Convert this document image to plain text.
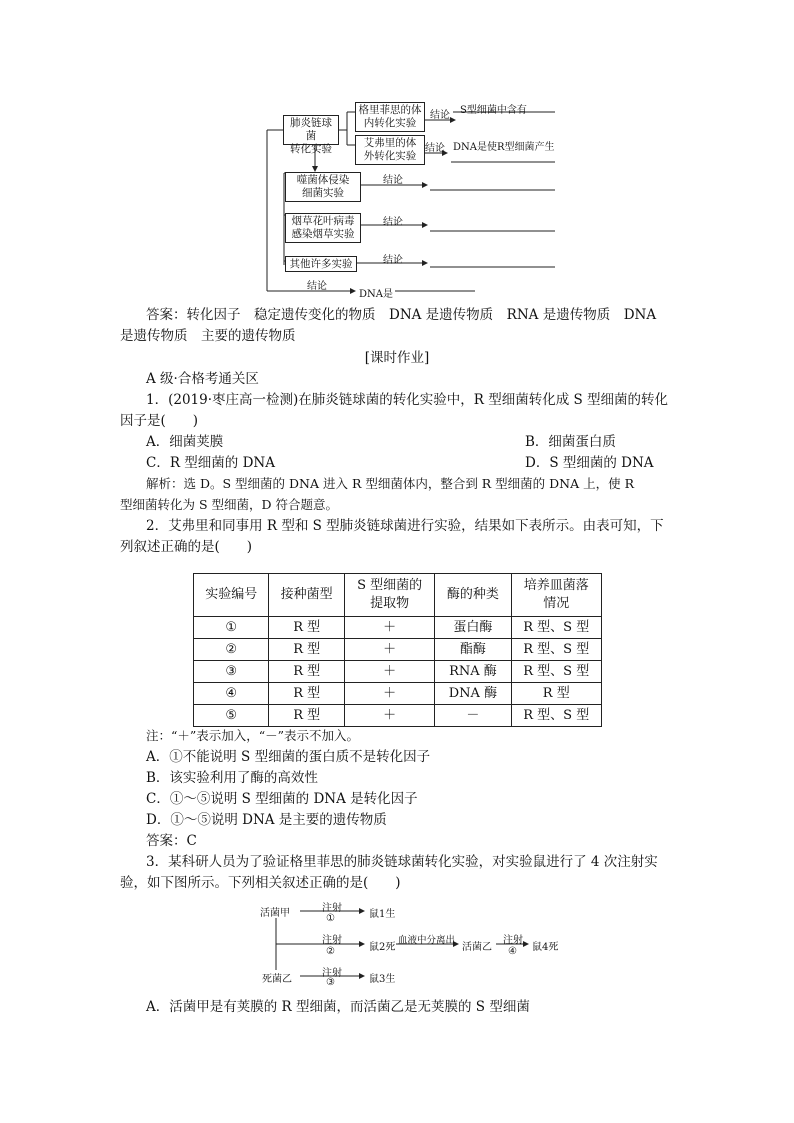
肺炎链球菌
转化实验
格里菲思的体
内转化实验
艾弗里的体
外转化实验
噬菌体侵染
细菌实验
烟草花叶病毒
感染烟草实验
其他许多实验
结论 S型细菌中含有
结论 DNA是使R型细菌产生
结论
结论
结论
结论
DNA是
答案：转化因子　稳定遗传变化的物质　DNA 是遗传物质　RNA 是遗传物质　DNA
是遗传物质　主要的遗传物质
[课时作业]
A 级·合格考通关区
1．(2019·枣庄高一检测)在肺炎链球菌的转化实验中，R 型细菌转化成 S 型细菌的转化
因子是(　　)
A．细菌荚膜	B．细菌蛋白质
C．R 型细菌的 DNA	D．S 型细菌的 DNA
解析：选 D。S 型细菌的 DNA 进入 R 型细菌体内，整合到 R 型细菌的 DNA 上，使 R
型细菌转化为 S 型细菌，D 符合题意。
2．艾弗里和同事用 R 型和 S 型肺炎链球菌进行实验，结果如下表所示。由表可知，下
列叙述正确的是(　　)
实验编号	接种菌型	S 型细菌的提取物	酶的种类	培养皿菌落情况
①	R 型	＋	蛋白酶	R 型、S 型
②	R 型	＋	酯酶	R 型、S 型
③	R 型	＋	RNA 酶	R 型、S 型
④	R 型	＋	DNA 酶	R 型
⑤	R 型	＋	－	R 型、S 型
注：“＋”表示加入，“－”表示不加入。
A．①不能说明 S 型细菌的蛋白质不是转化因子
B．该实验利用了酶的高效性
C．①～⑤说明 S 型细菌的 DNA 是转化因子
D．①～⑤说明 DNA 是主要的遗传物质
答案：C
3．某科研人员为了验证格里菲思的肺炎链球菌转化实验，对实验鼠进行了 4 次注射实
验，如下图所示。下列相关叙述正确的是(　　)
活菌甲	注射
①	鼠1生
注射
②	鼠2死
血液中分离出
活菌乙
注射
④ 鼠4死
死菌乙
注射
③	鼠3生
A．活菌甲是有荚膜的 R 型细菌，而活菌乙是无荚膜的 S 型细菌
